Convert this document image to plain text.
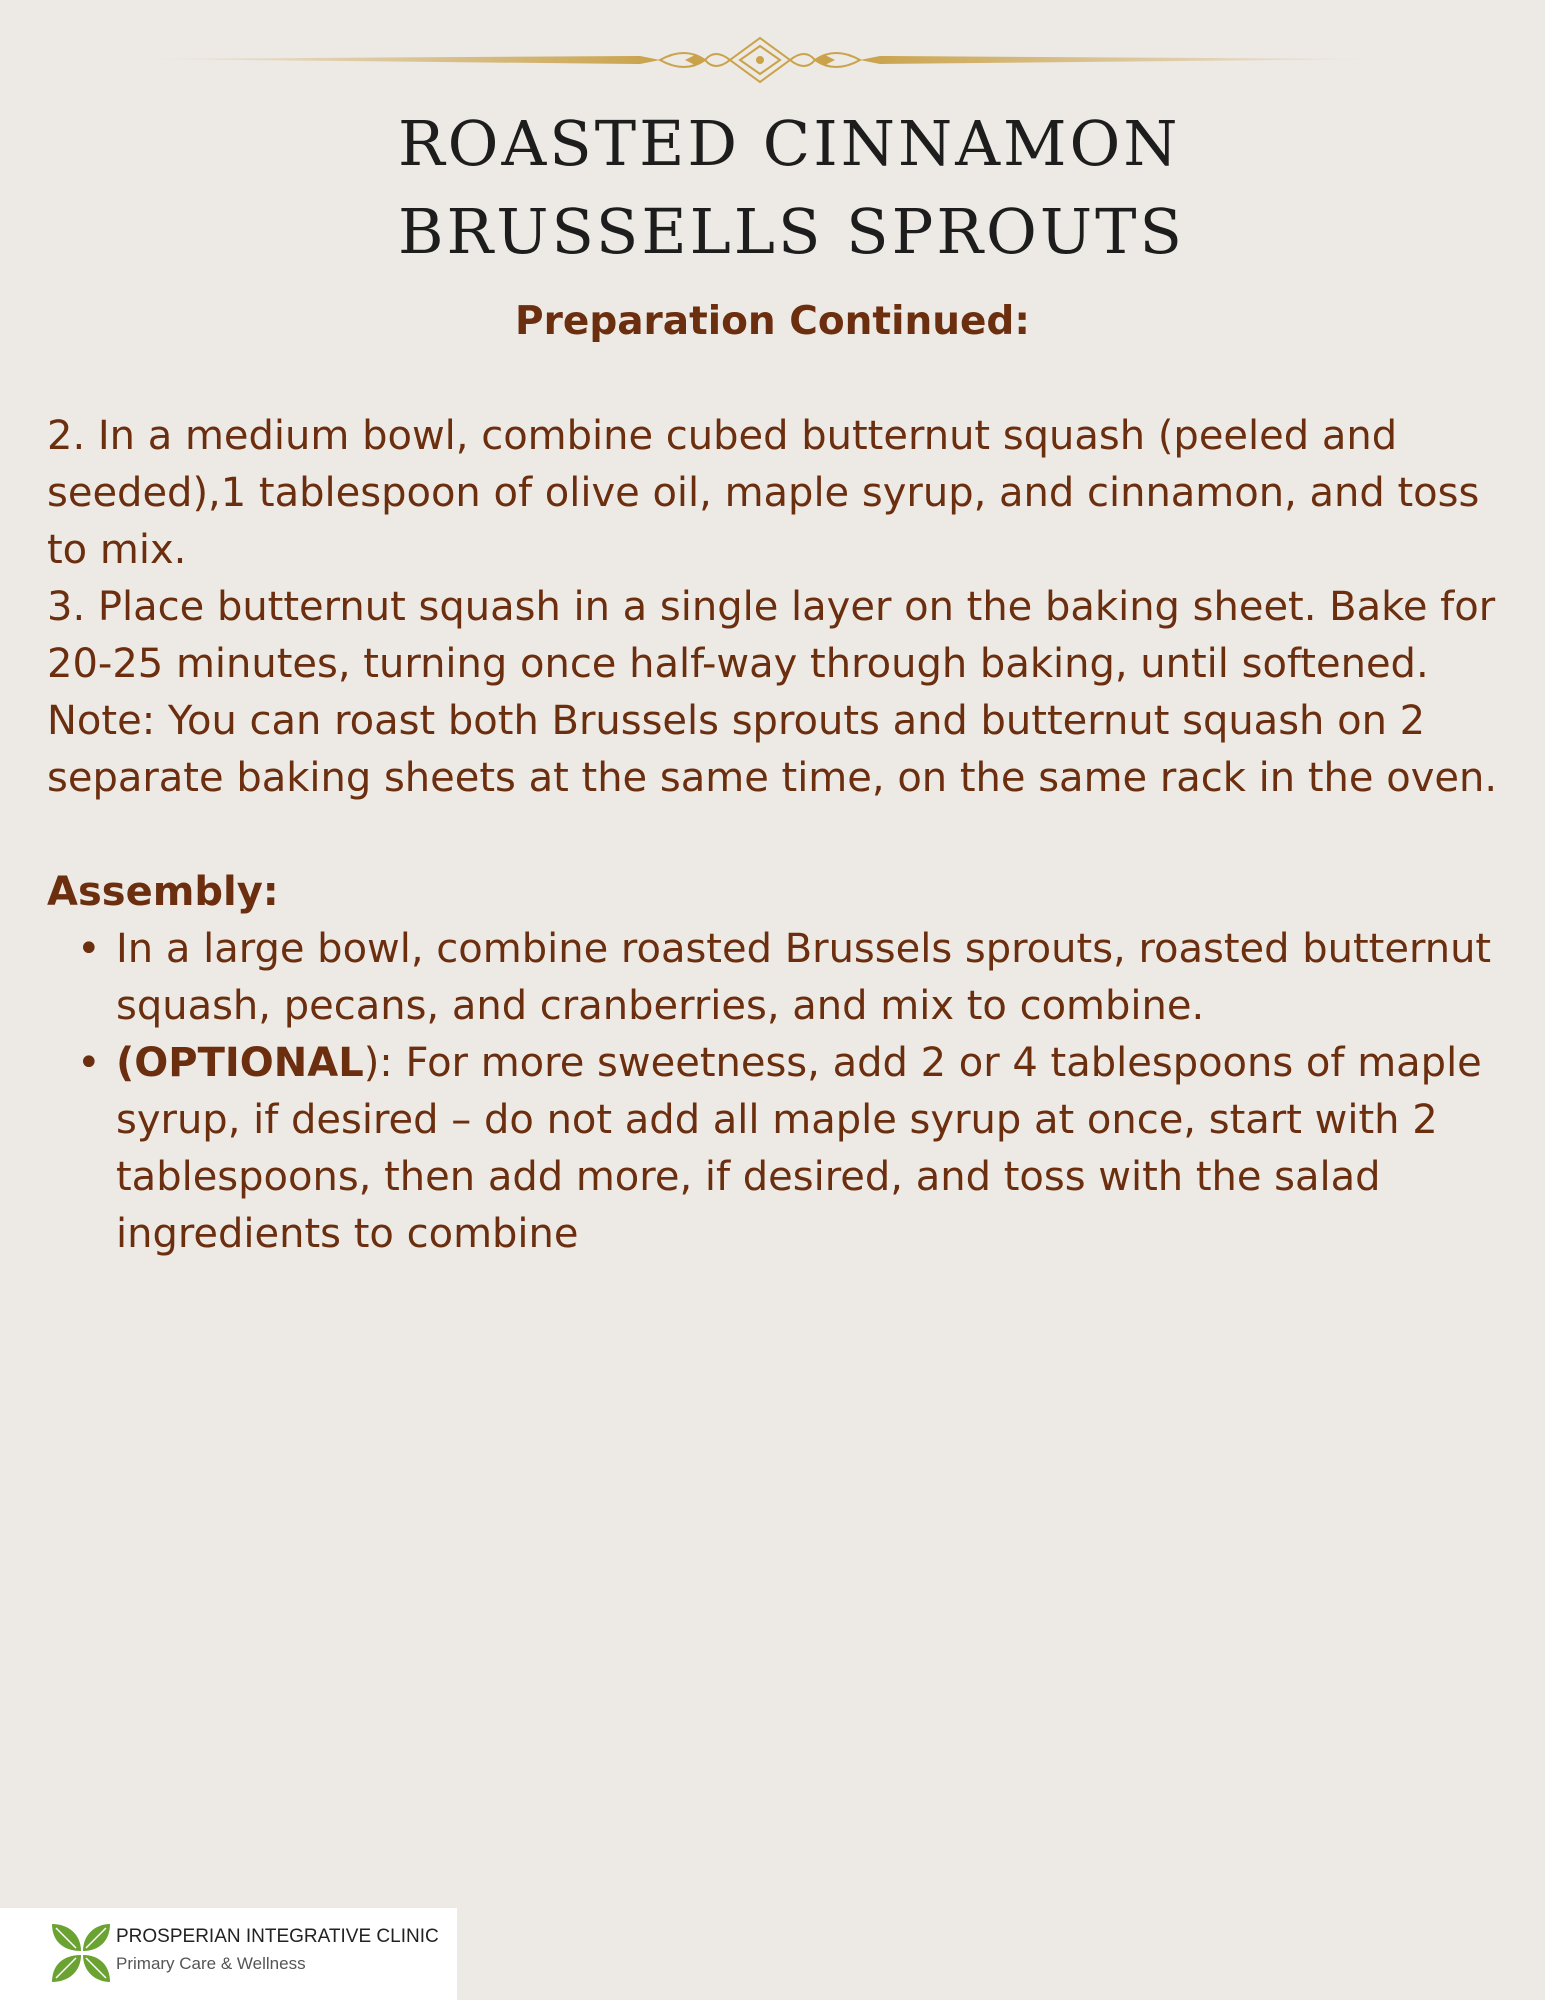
ROASTED CINNAMON
BRUSSELLS SPROUTS
Preparation Continued:

2. In a medium bowl, combine cubed butternut squash (peeled and seeded),1 tablespoon of olive oil, maple syrup, and cinnamon, and toss to mix.

3. Place butternut squash in a single layer on the baking sheet. Bake for 20-25 minutes, turning once half-way through baking, until softened.

Note: You can roast both Brussels sprouts and butternut squash on 2 separate baking sheets at the same time, on the same rack in the oven.

Assembly:

• In a large bowl, combine roasted Brussels sprouts, roasted butternut squash, pecans, and cranberries, and mix to combine.
• (OPTIONAL): For more sweetness, add 2 or 4 tablespoons of maple syrup, if desired – do not add all maple syrup at once, start with 2 tablespoons, then add more, if desired, and toss with the salad ingredients to combine
PROSPERIAN INTEGRATIVE CLINIC
Primary Care & Wellness
